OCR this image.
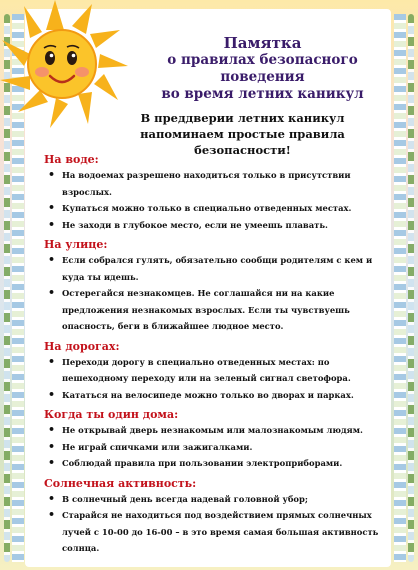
Памятка
о правилах безопасного поведения
во время летних каникул
В преддверии летних каникул напоминаем простые правила безопасности!
На воде:
• На водоемах разрешено находиться только в присутствии взрослых.
• Купаться можно только в специально отведенных местах.
• Не заходи в глубокое место, если не умеешь плавать.
На улице:
• Если собрался гулять, обязательно сообщи родителям с кем и куда ты идешь.
• Остерегайся незнакомцев. Не соглашайся ни на какие предложения незнакомых взрослых. Если ты чувствуешь опасность, беги в ближайшее людное место.
На дорогах:
• Переходи дорогу в специально отведенных местах: по пешеходному переходу или на зеленый сигнал светофора.
• Кататься на велосипеде можно только во дворах и парках.
Когда ты один дома:
• Не открывай дверь незнакомым или малознакомым людям.
• Не играй спичками или зажигалками.
• Соблюдай правила при пользовании электроприборами.
Солнечная активность:
• В солнечный день всегда надевай головной убор;
• Старайся не находиться под воздействием прямых солнечных лучей с 10-00 до 16-00 – в это время самая большая активность солнца.
